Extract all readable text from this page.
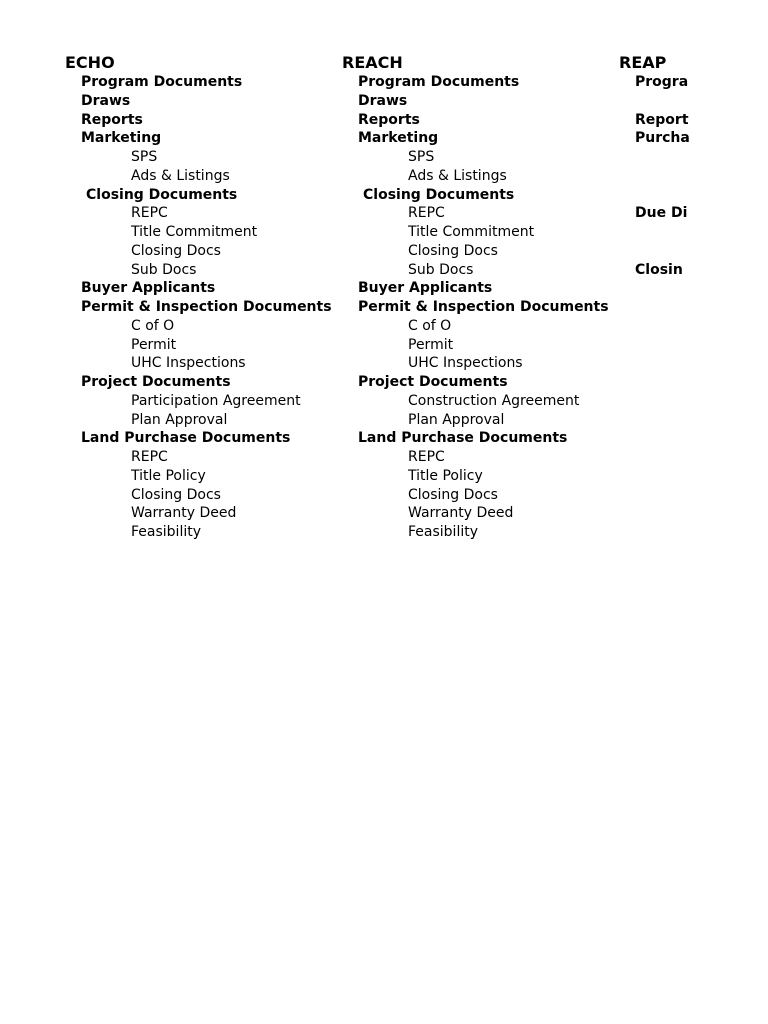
ECHO
Program Documents
Draws
Reports
Marketing
SPS
Ads & Listings
Closing Documents
REPC
Title Commitment
Closing Docs
Sub Docs
Buyer Applicants
Permit & Inspection Documents
C of O
Permit
UHC Inspections
Project Documents
Participation Agreement
Plan Approval
Land Purchase Documents
REPC
Title Policy
Closing Docs
Warranty Deed
Feasibility
REACH
Program Documents
Draws
Reports
Marketing
SPS
Ads & Listings
Closing Documents
REPC
Title Commitment
Closing Docs
Sub Docs
Buyer Applicants
Permit & Inspection Documents
C of O
Permit
UHC Inspections
Project Documents
Construction Agreement
Plan Approval
Land Purchase Documents
REPC
Title Policy
Closing Docs
Warranty Deed
Feasibility
REAP
Progra
Report
Purcha
Due Di
Closin
